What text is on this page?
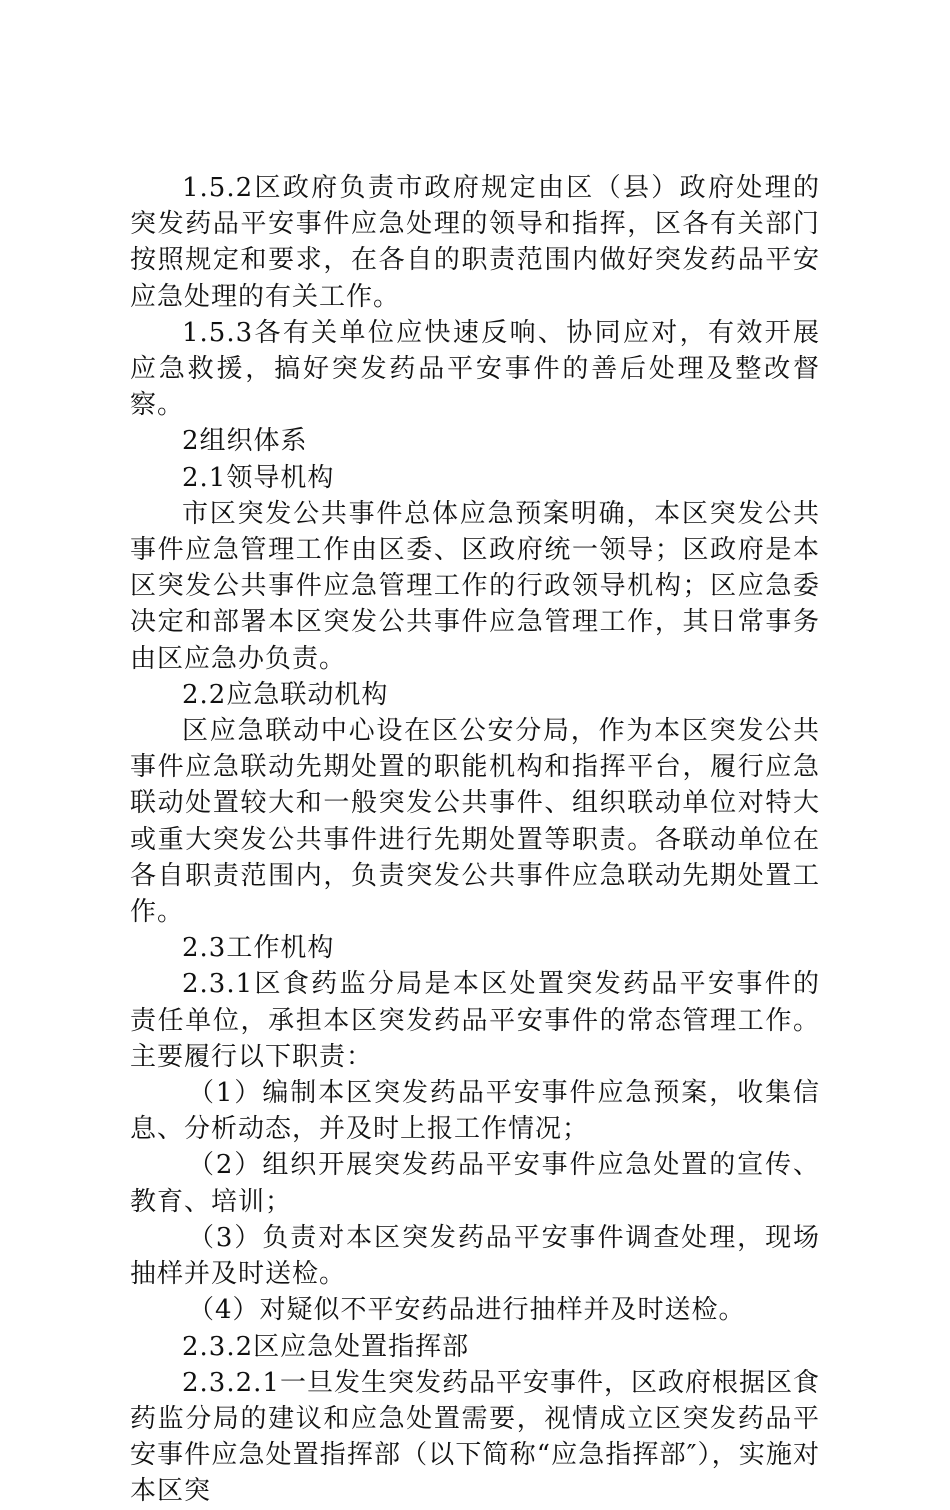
1.5.2区政府负责市政府规定由区（县）政府处理的突发药品平安事件应急处理的领导和指挥，区各有关部门按照规定和要求，在各自的职责范围内做好突发药品平安应急处理的有关工作。

1.5.3各有关单位应快速反响、协同应对，有效开展应急救援，搞好突发药品平安事件的善后处理及整改督察。

2组织体系

2.1领导机构

市区突发公共事件总体应急预案明确，本区突发公共事件应急管理工作由区委、区政府统一领导；区政府是本区突发公共事件应急管理工作的行政领导机构；区应急委决定和部署本区突发公共事件应急管理工作，其日常事务由区应急办负责。

2.2应急联动机构

区应急联动中心设在区公安分局，作为本区突发公共事件应急联动先期处置的职能机构和指挥平台，履行应急联动处置较大和一般突发公共事件、组织联动单位对特大或重大突发公共事件进行先期处置等职责。各联动单位在各自职责范围内，负责突发公共事件应急联动先期处置工作。

2.3工作机构

2.3.1区食药监分局是本区处置突发药品平安事件的责任单位，承担本区突发药品平安事件的常态管理工作。主要履行以下职责：

（1）编制本区突发药品平安事件应急预案，收集信息、分析动态，并及时上报工作情况；

（2）组织开展突发药品平安事件应急处置的宣传、教育、培训；

（3）负责对本区突发药品平安事件调查处理，现场抽样并及时送检。

（4）对疑似不平安药品进行抽样并及时送检。

2.3.2区应急处置指挥部

2.3.2.1一旦发生突发药品平安事件，区政府根据区食药监分局的建议和应急处置需要，视情成立区突发药品平安事件应急处置指挥部（以下简称“应急指挥部″），实施对本区突
